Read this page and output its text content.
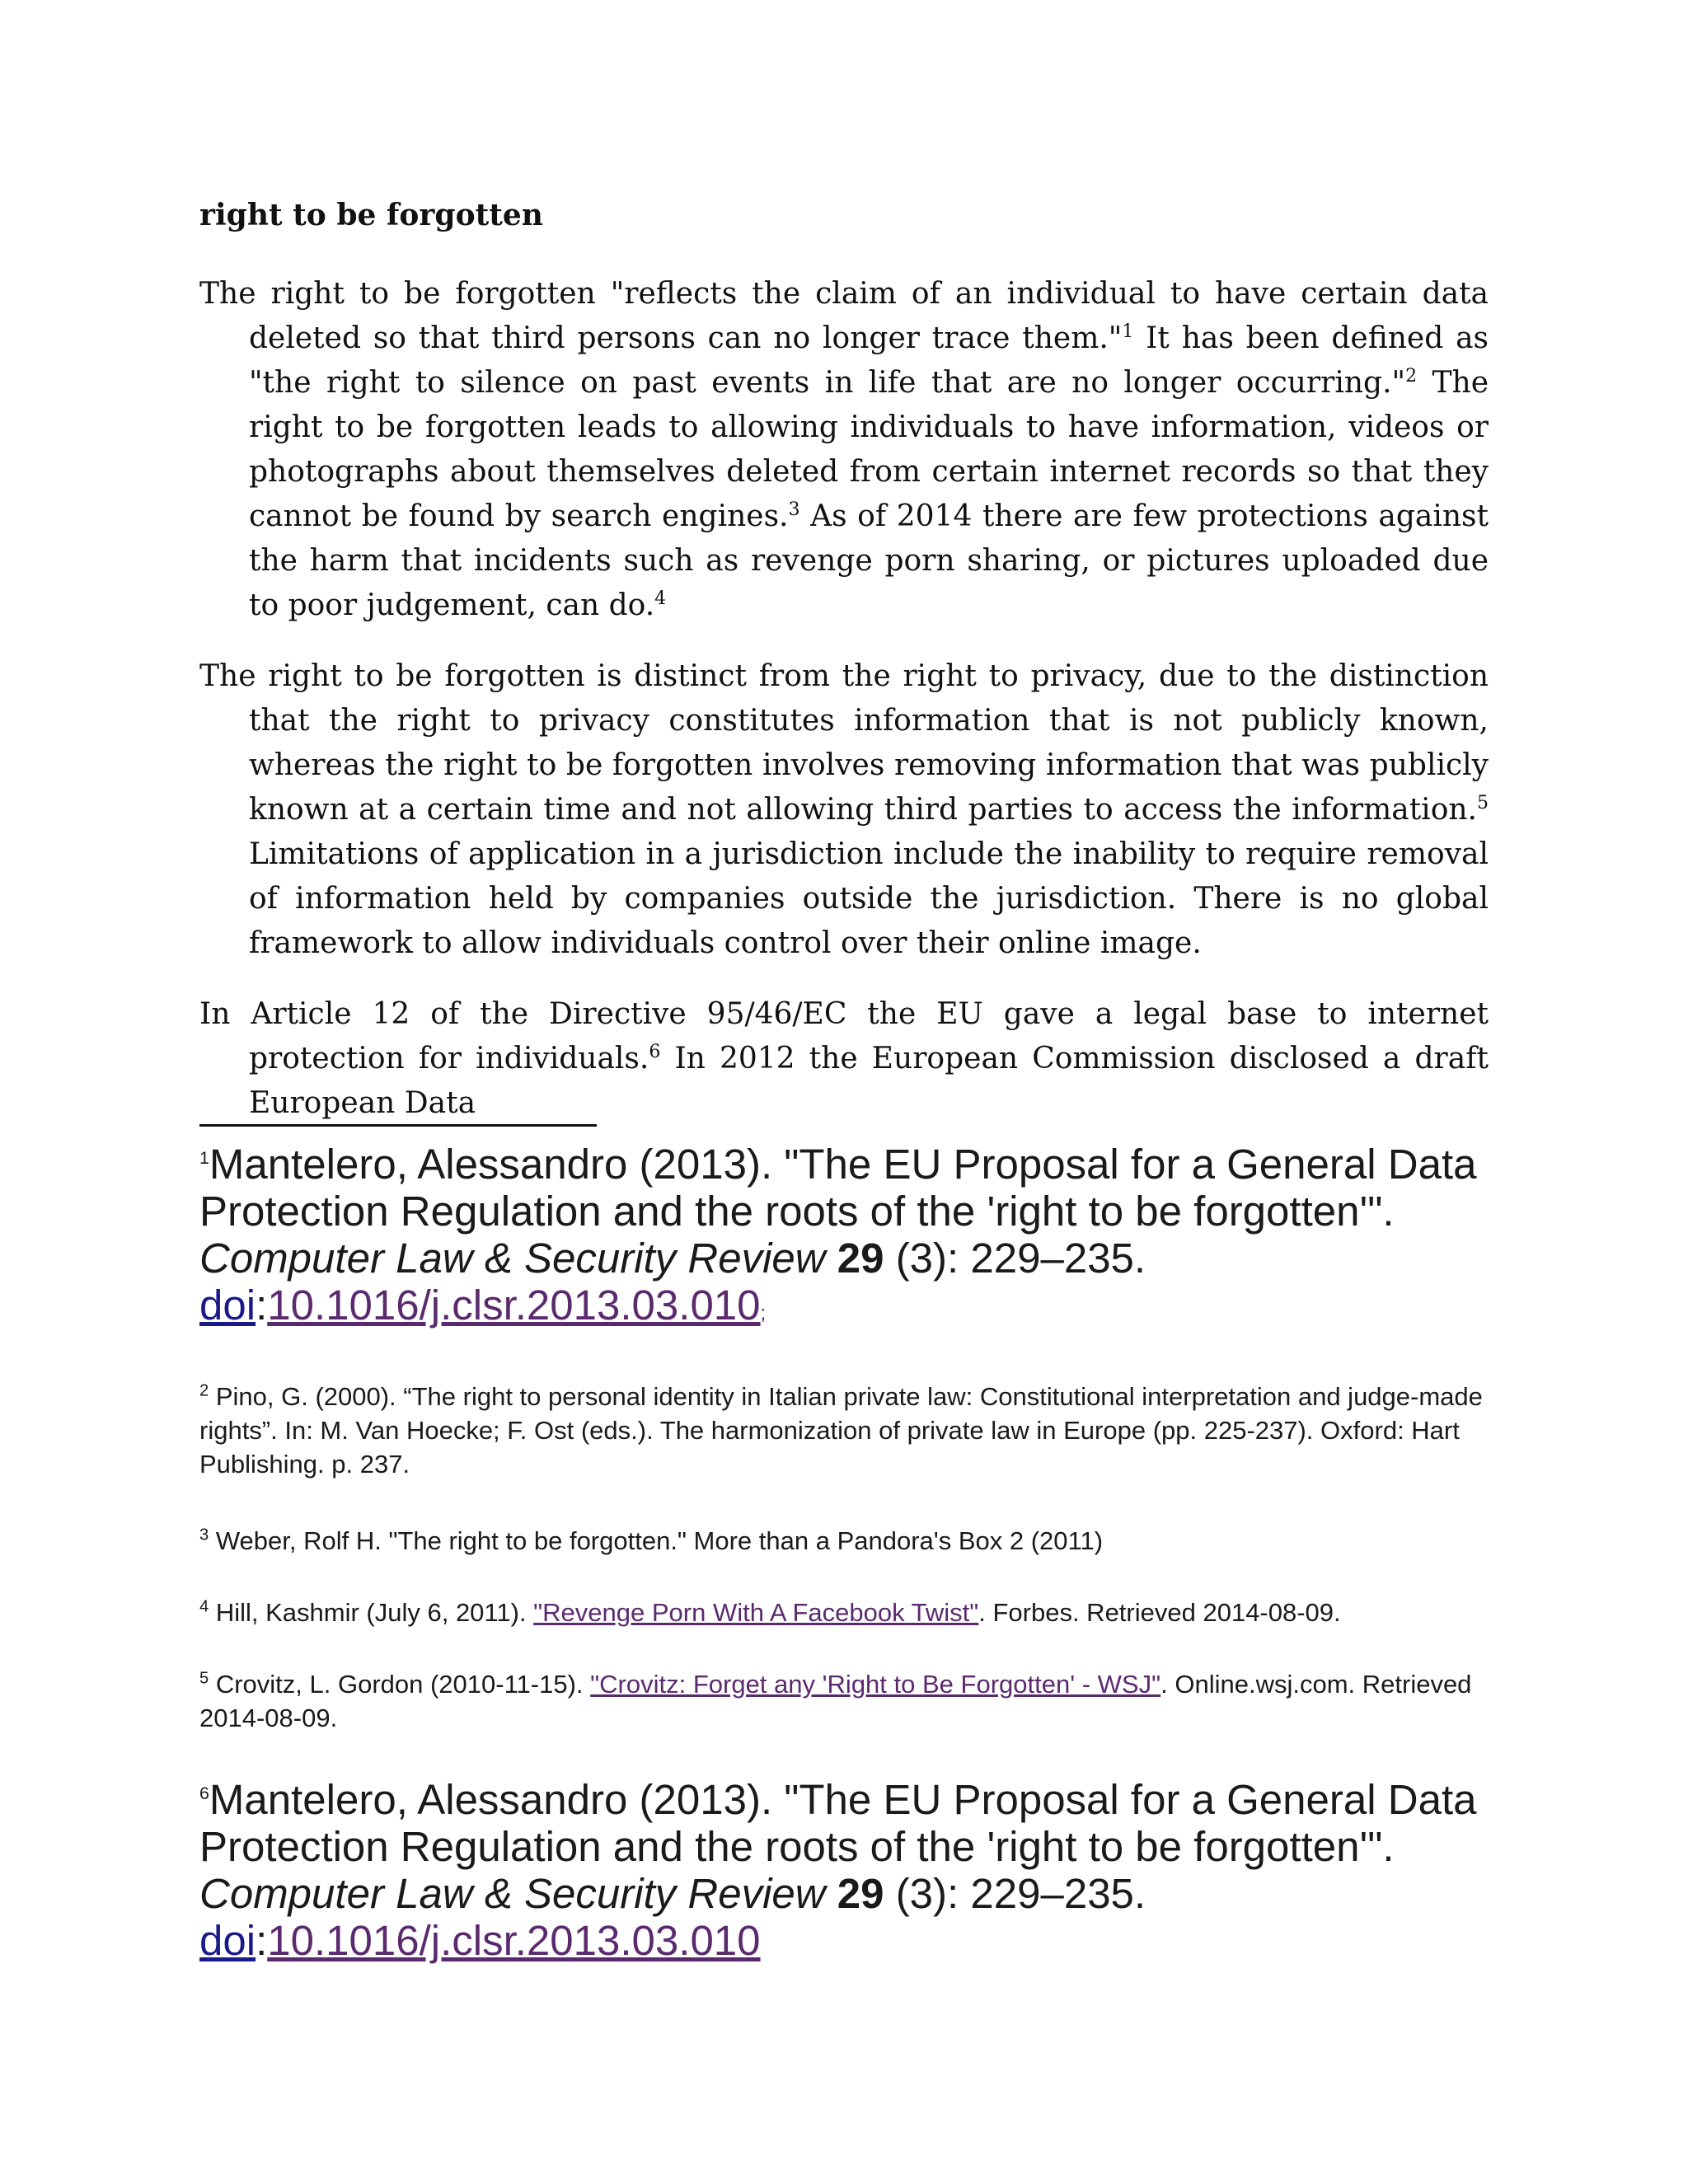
right to be forgotten

The right to be forgotten "reflects the claim of an individual to have certain data deleted so that third persons can no longer trace them."$^1$ It has been defined as "the right to silence on past events in life that are no longer occurring."$^2$ The right to be forgotten leads to allowing individuals to have information, videos or photographs about themselves deleted from certain internet records so that they cannot be found by search engines.$^3$ As of 2014 there are few protections against the harm that incidents such as revenge porn sharing, or pictures uploaded due to poor judgement, can do.$^4$

The right to be forgotten is distinct from the right to privacy, due to the distinction that the right to privacy constitutes information that is not publicly known, whereas the right to be forgotten involves removing information that was publicly known at a certain time and not allowing third parties to access the information.$^5$ Limitations of application in a jurisdiction include the inability to require removal of information held by companies outside the jurisdiction. There is no global framework to allow individuals control over their online image.

In Article 12 of the Directive 95/46/EC the EU gave a legal base to internet protection for individuals.$^6$ In 2012 the European Commission disclosed a draft European Data

$^1$Mantelero, Alessandro (2013). "The EU Proposal for a General Data Protection Regulation and the roots of the 'right to be forgotten'". Computer Law & Security Review 29 (3): 229–235. doi:10.1016/j.clsr.2013.03.010;

$^2$ Pino, G. (2000). “The right to personal identity in Italian private law: Constitutional interpretation and judge-made rights”. In: M. Van Hoecke; F. Ost (eds.). The harmonization of private law in Europe (pp. 225-237). Oxford: Hart Publishing. p. 237.

$^3$ Weber, Rolf H. "The right to be forgotten." More than a Pandora's Box 2 (2011)

$^4$ Hill, Kashmir (July 6, 2011). "Revenge Porn With A Facebook Twist". Forbes. Retrieved 2014-08-09.

$^5$ Crovitz, L. Gordon (2010-11-15). "Crovitz: Forget any 'Right to Be Forgotten' - WSJ". Online.wsj.com. Retrieved 2014-08-09.

$^6$Mantelero, Alessandro (2013). "The EU Proposal for a General Data Protection Regulation and the roots of the 'right to be forgotten'". Computer Law & Security Review 29 (3): 229–235. doi:10.1016/j.clsr.2013.03.010
